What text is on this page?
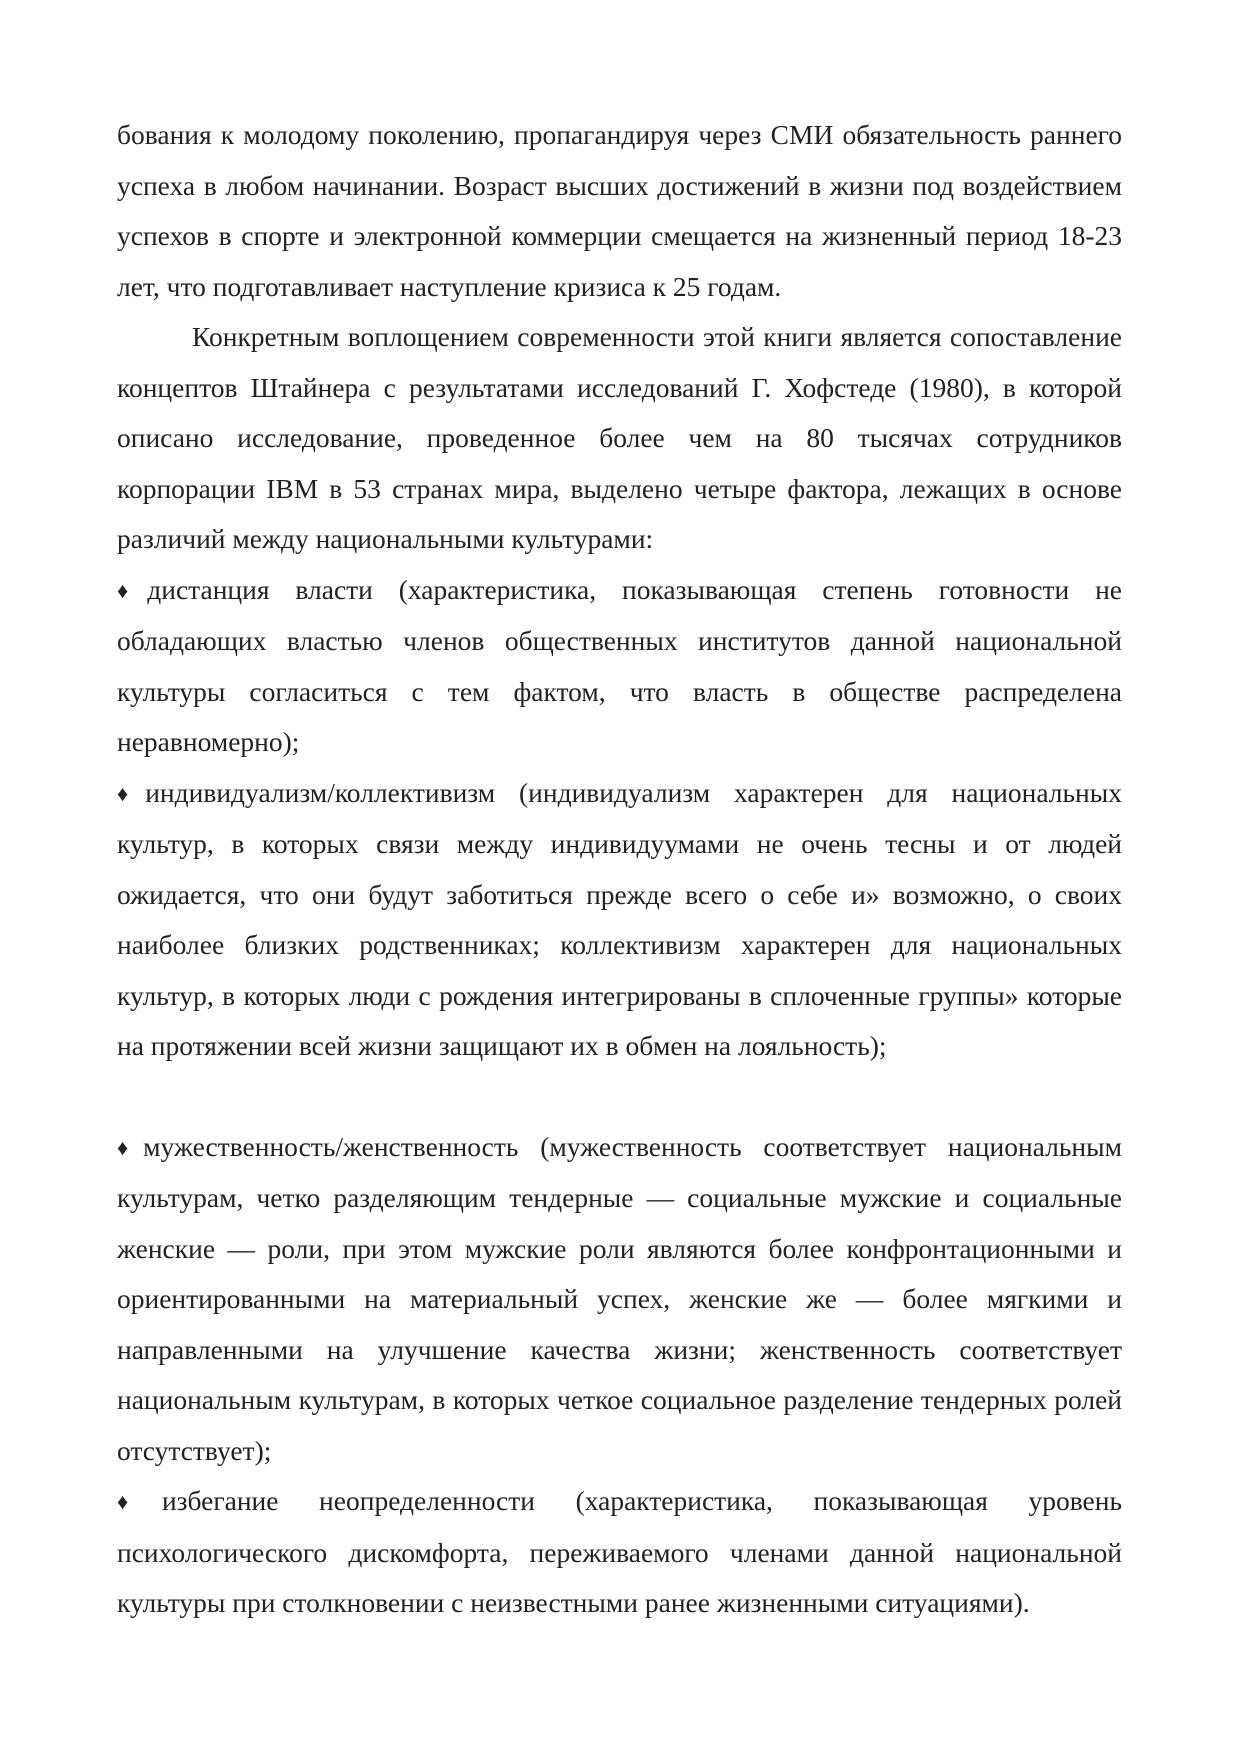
бования к молодому поколению, пропагандируя через СМИ обязательность раннего успеха в любом начинании. Возраст высших достижений в жизни под воздействием успехов в спорте и электронной коммерции смещается на жизненный период 18-23 лет, что подготавливает наступление кризиса к 25 годам.

Конкретным воплощением современности этой книги является сопоставление концептов Штайнера с результатами исследований Г. Хофстеде (1980), в которой описано исследование, проведенное более чем на 80 тысячах сотрудников корпорации IBM в 53 странах мира, выделено четыре фактора, лежащих в основе различий между национальными культурами:

♦дистанция власти (характеристика, показывающая степень готовности не обладающих властью членов общественных институтов данной национальной культуры согласиться с тем фактом, что власть в обществе распределена неравномерно);

♦индивидуализм/коллективизм (индивидуализм характерен для национальных культур, в которых связи между индивидуумами не очень тесны и от людей ожидается, что они будут заботиться прежде всего о себе и» возможно, о своих наиболее близких родственниках; коллективизм характерен для национальных культур, в которых люди с рождения интегрированы в сплоченные группы» которые на протяжении всей жизни защищают их в обмен на лояльность);

♦мужественность/женственность (мужественность соответствует национальным культурам, четко разделяющим тендерные — социальные мужские и социальные женские — роли, при этом мужские роли являются более конфронтационными и ориентированными на материальный успех, женские же — более мягкими и направленными на улучшение качества жизни; женственность соответствует национальным культурам, в которых четкое социальное разделение тендерных ролей отсутствует);

♦избегание неопределенности (характеристика, показывающая уровень психологического дискомфорта, переживаемого членами данной национальной культуры при столкновении с неизвестными ранее жизненными ситуациями).
